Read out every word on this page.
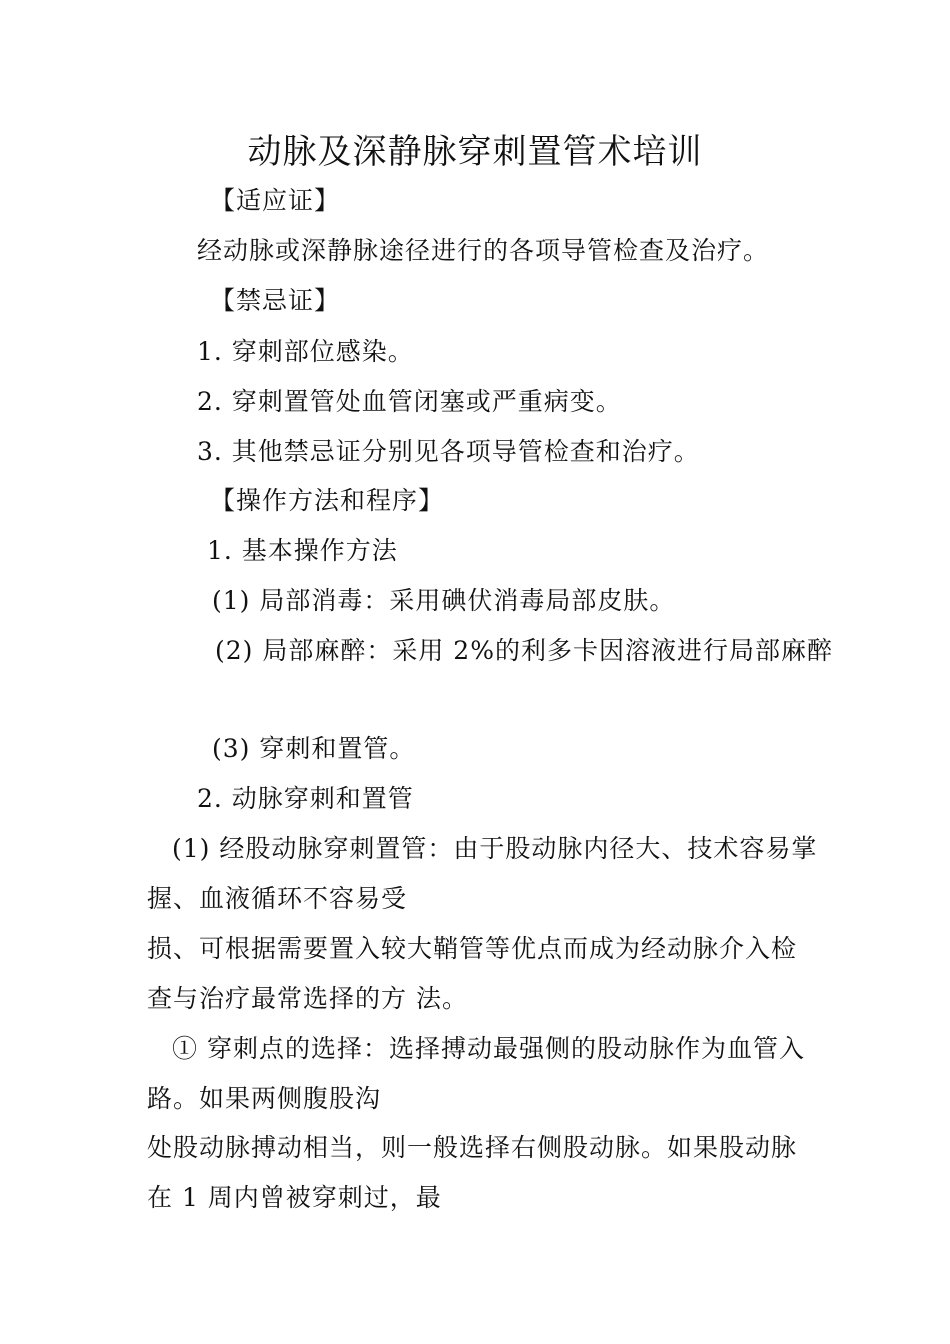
动脉及深静脉穿刺置管术培训
【适应证】
经动脉或深静脉途径进行的各项导管检查及治疗。
【禁忌证】
1. 穿刺部位感染。
2. 穿刺置管处血管闭塞或严重病变。
3. 其他禁忌证分别见各项导管检查和治疗。
【操作方法和程序】
1. 基本操作方法
(1) 局部消毒：采用碘伏消毒局部皮肤。
(2) 局部麻醉：采用 2%的利多卡因溶液进行局部麻醉
(3) 穿刺和置管。
2. 动脉穿刺和置管
(1) 经股动脉穿刺置管：由于股动脉内径大、技术容易掌
握、血液循环不容易受
损、可根据需要置入较大鞘管等优点而成为经动脉介入检
查与治疗最常选择的方 法。
① 穿刺点的选择：选择搏动最强侧的股动脉作为血管入
路。如果两侧腹股沟
处股动脉搏动相当，则一般选择右侧股动脉。如果股动脉
在 1 周内曾被穿刺过，最
